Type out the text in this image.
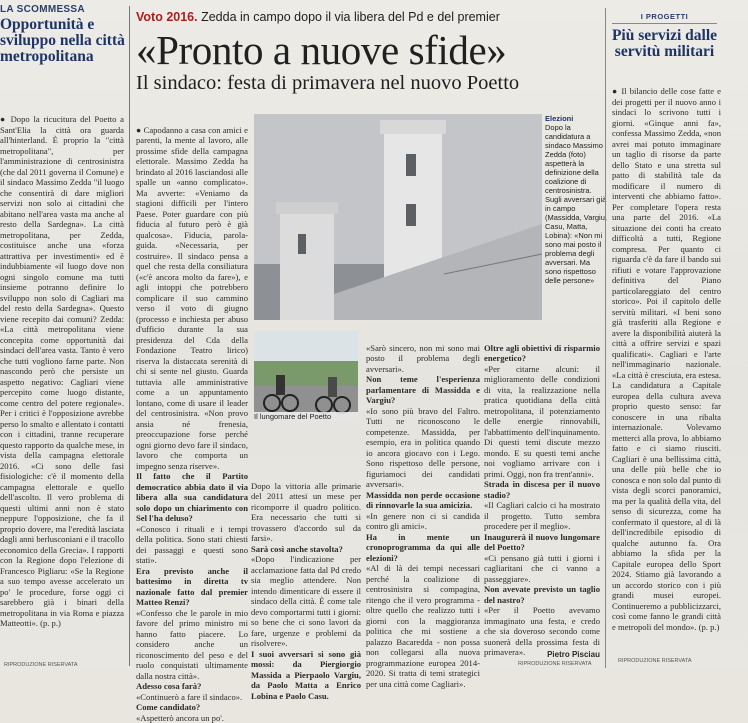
LA SCOMMESSA
Opportunità e sviluppo nella città metropolitana
● Dopo la ricucitura del Poetto a Sant'Elia la città ora guarda all'hinterland. È proprio la "città metropolitana", per l'amministrazione di centrosinistra (che dal 2011 governa il Comune) e il sindaco Massimo Zedda "il luogo che consentirà di dare migliori servizi non solo ai cittadini che abitano nell'area vasta ma anche al resto della Sardegna». La città metropolitana, per Zedda, costituisce anche una «forza attrattiva per investimenti» ed è indubbiamente «il luogo dove non ogni singolo comune ma tutti insieme potranno definire lo sviluppo non solo di Cagliari ma del resto della Sardegna». Questo viene recepito dai comuni? Zedda: «La città metropolitana viene concepita come opportunità dai sindaci dell'area vasta. Tanto è vero che tutti vogliono farne parte. Non nascondo però che persiste un aspetto negativo: Cagliari viene percepito come luogo distante, come centro del potere regionale». Per i critici è l'opposizione avrebbe perso lo smalto e allentato i contatti con i cittadini, tranne recuperare questo rapporto da qualche mese, in vista della campagna elettorale 2016. «Ci sono delle fasi fisiologiche: c'è il momento della campagna elettorale e quello dell'ascolto. Il vero problema di questi ultimi anni non è stato neppure l'opposizione, che fa il proprio dovere, ma l'eredità lasciata dagli anni berlusconiani e il tracollo economico della Grecia». I rapporti con la Regione dopo l'elezione di Francesco Pigliaru: «Se la Regione a suo tempo avesse accelerato un po' le procedure, forse oggi ci sarebbero già i binari della metropolitana in via Roma e piazza Matteotti». (p. p.)
RIPRODUZIONE RISERVATA
Voto 2016. Zedda in campo dopo il via libera del Pd e del premier
«Pronto a nuove sfide»
Il sindaco: festa di primavera nel nuovo Poetto

● Capodanno a casa con amici e parenti, la mente al lavoro, alle prossime sfide della campagna elettorale. Massimo Zedda ha brindato al 2016 lasciandosi alle spalle un «anno complicato». Ma avverte: «Veniamo da stagioni difficili per l'intero Paese. Poter guardare con più fiducia al futuro però è già qualcosa». Fiducia, parola-guida. «Necessaria, per costruire». Il sindaco pensa a quel che resta della consiliatura («c'è ancora molto da fare»), e agli intoppi che potrebbero complicare il suo cammino verso il voto di giugno (processo e inchiesta per abuso d'ufficio durante la sua presidenza del Cda della Fondazione Teatro lirico) riserva la distaccata serenità di chi si sente nel giusto. Guarda tuttavia alle amministrative come a un appuntamento lontano, come di usare il leader del centrosinistra. «Non provo ansia né frenesia, preoccupazione forse perché ogni giorno devo fare il sindaco, lavoro che comporta un impegno senza riserve».
Il fatto che il Partito democratico abbia dato il via libera alla sua candidatura solo dopo un chiarimento con Sel l'ha deluso?
«Conosco i rituali e i tempi della politica. Sono stati chiesti dei passaggi e questi sono stati».
Era previsto anche il battesimo in diretta tv nazionale fatto dal premier Matteo Renzi?
«Confesso che le parole in mio favore del primo ministro mi hanno fatto piacere. Lo considero anche un riconoscimento del peso e del ruolo conquistati ultimamente dalla nostra città».
Adesso cosa farà?
«Continuerò a fare il sindaco».
Come candidato?
«Aspetterò ancora un po'.

Elezioni
Dopo la candidatura a sindaco Massimo Zedda (foto) aspetterà la definizione della coalizione di centrosinistra. Sugli avversari già in campo (Massidda, Vargiu, Casu, Matta, Lobina): «Non mi sono mai posto il problema degli avversari. Ma sono rispettoso delle persone»
Il lungomare del Poetto

Dopo la vittoria alle primarie del 2011 attesi un mese per ricomporre il quadro politico. Era necessario che tutti si trovassero d'accordo sul da farsi».
Sarà così anche stavolta?
«Dopo l'indicazione per acclamazione fatta dal Pd credo sia meglio attendere. Non intendo dimenticare di essere il sindaco della città. È come tale devo comportarmi tutti i giorni: so bene che ci sono lavori da fare, urgenze e problemi da risolvere».
I suoi avversari si sono già mossi: da Piergiorgio Massida a Pierpaolo Vargiu, da Paolo Matta a Enrico Lobina e Paolo Casu.

«Sarò sincero, non mi sono mai posto il problema degli avversari».
Non teme l'esperienza parlamentare di Massidda e Vargiu?
«Io sono più bravo del Faltro. Tutti ne riconoscono le competenze. Massidda, per esempio, era in politica quando io ancora giocavo con i Lego. Sono rispettoso delle persone, figuriamoci dei candidati avversari».
Massidda non perde occasione di rinnovarle la sua amicizia.
«In genere non ci si candida contro gli amici».
Ha in mente un cronoprogramma da qui alle elezioni?
«Al di là dei tempi necessari perché la coalizione di centrosinistra si compagina, ritengo che il vero programma - oltre quello che realizzo tutti i giorni con la maggioranza politica che mi sostiene a palazzo Bacaredda - non possa non collegarsi alla nuova programmazione europea 2014-2020. Si tratta di temi strategici per una città come Cagliari».

Oltre agli obiettivi di risparmio energetico?
«Per citarne alcuni: il miglioramento delle condizioni di vita, la realizzazione nella pratica quotidiana della città metropolitana, il potenziamento delle energie rinnovabili, l'abbattimento dell'inquinamento. Di questi temi discute mezzo mondo. E su questi temi anche noi vogliamo arrivare con i primi. Oggi, non fra trent'anni».
Strada in discesa per il nuovo stadio?
«Il Cagliari calcio ci ha mostrato il progetto. Tutto sembra procedere per il meglio».
Inaugurerà il nuovo lungomare del Poetto?
«Ci pensano già tutti i giorni i cagliaritani che ci vanno a passeggiare».
Non avevate previsto un taglio del nastro?
«Per il Poetto avevamo immaginato una festa, e credo che sia doveroso secondo come suonerà della prossima festa di primavera».	Pietro Pisciau
RIPRODUZIONE RISERVATA
I PROGETTI
Più servizi dalle servitù militari
● Il bilancio delle cose fatte e dei progetti per il nuovo anno i sindaci lo scrivono tutti i giorni. «Ginque anni fa», confessa Massimo Zedda, «non avrei mai potuto immaginare un taglio di risorse da parte dello Stato e una stretta sul patto di stabilità tale da modificare il numero di interventi che abbiamo fatto». Per completare l'opera resta una parte del 2016. «La situazione dei conti ha creato difficoltà a tutti, Regione compresa. Per quanto ci riguarda c'è da fare il bando sui rifiuti e votare l'approvazione definitiva del Piano particolareggiato del centro storico». Poi il capitolo delle servitù militari. «I beni sono già trasferiti alla Regione e avere la disponibilità aiuterà la città a offrire servizi e spazi qualificati». Cagliari e l'arte nell'immaginario nazionale. «La città è cresciuta, era estesa. La candidatura a Capitale europea della cultura aveva proprio questo senso: far conoscere in una ribalta internazionale. Volevamo metterci alla prova, lo abbiamo fatto e ci siamo riusciti. Cagliari è una bellissima città, una delle più belle che io conosca e non solo dal punto di vista degli scorci panoramici, ma per la qualità della vita, del senso di sicurezza, come ha confermato il questore, al di là dell'incredibile episodio di qualche autunno fa. Ora abbiamo la sfida per la Capitale europea dello Sport 2024. Stiamo già lavorando a un accordo storico con i più grandi musei europei. Continueremo a pubblicizzarci, così come fanno le grandi città e metropoli del mondo». (p. p.)
RIPRODUZIONE RISERVATA
